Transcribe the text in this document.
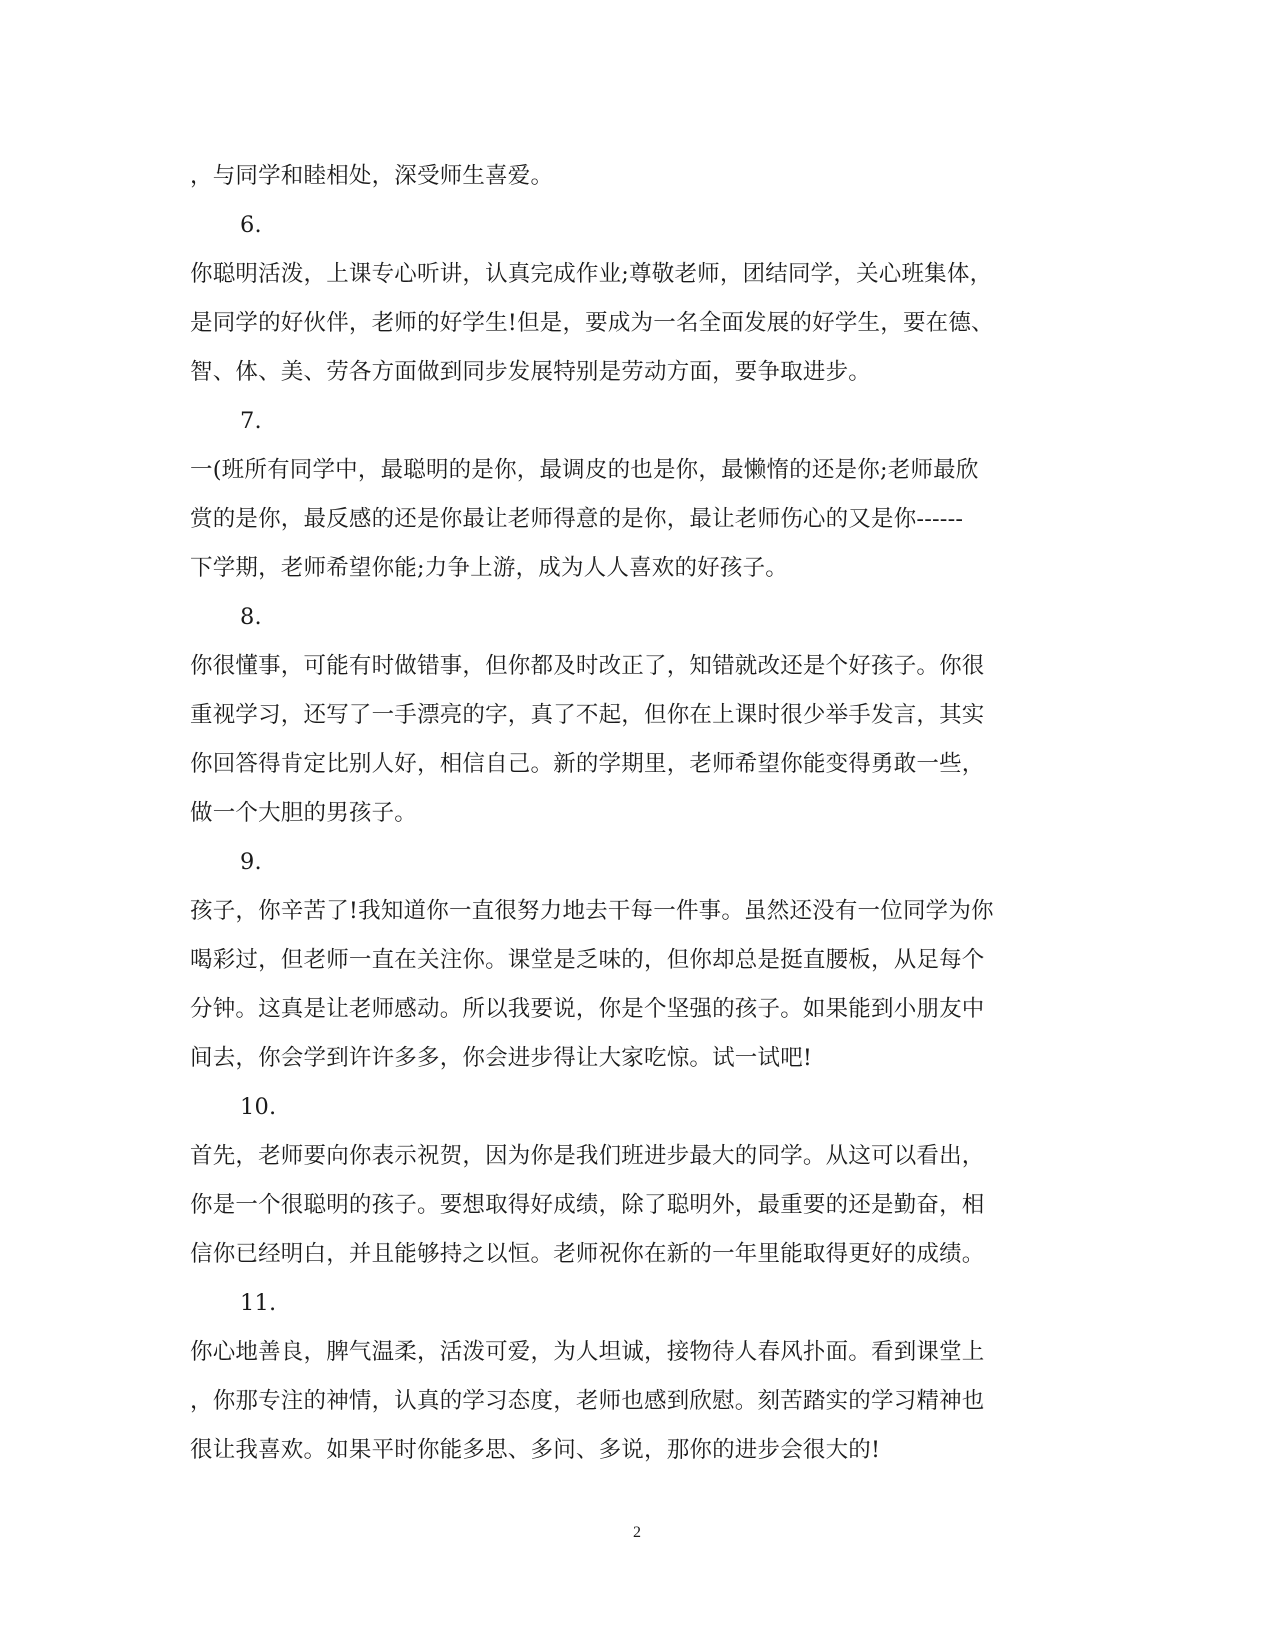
，与同学和睦相处，深受师生喜爱。
6.
你聪明活泼，上课专心听讲，认真完成作业;尊敬老师，团结同学，关心班集体，
是同学的好伙伴，老师的好学生!但是，要成为一名全面发展的好学生，要在德、
智、体、美、劳各方面做到同步发展特别是劳动方面，要争取进步。
7.
一(班所有同学中，最聪明的是你，最调皮的也是你，最懒惰的还是你;老师最欣
赏的是你，最反感的还是你最让老师得意的是你，最让老师伤心的又是你------
下学期，老师希望你能;力争上游，成为人人喜欢的好孩子。
8.
你很懂事，可能有时做错事，但你都及时改正了，知错就改还是个好孩子。你很
重视学习，还写了一手漂亮的字，真了不起，但你在上课时很少举手发言，其实
你回答得肯定比别人好，相信自己。新的学期里，老师希望你能变得勇敢一些，
做一个大胆的男孩子。
9.
孩子，你辛苦了!我知道你一直很努力地去干每一件事。虽然还没有一位同学为你
喝彩过，但老师一直在关注你。课堂是乏味的，但你却总是挺直腰板，从足每个
分钟。这真是让老师感动。所以我要说，你是个坚强的孩子。如果能到小朋友中
间去，你会学到许许多多，你会进步得让大家吃惊。试一试吧!
10.
首先，老师要向你表示祝贺，因为你是我们班进步最大的同学。从这可以看出，
你是一个很聪明的孩子。要想取得好成绩，除了聪明外，最重要的还是勤奋，相
信你已经明白，并且能够持之以恒。老师祝你在新的一年里能取得更好的成绩。
11.
你心地善良，脾气温柔，活泼可爱，为人坦诚，接物待人春风扑面。看到课堂上
，你那专注的神情，认真的学习态度，老师也感到欣慰。刻苦踏实的学习精神也
很让我喜欢。如果平时你能多思、多问、多说，那你的进步会很大的!
2
